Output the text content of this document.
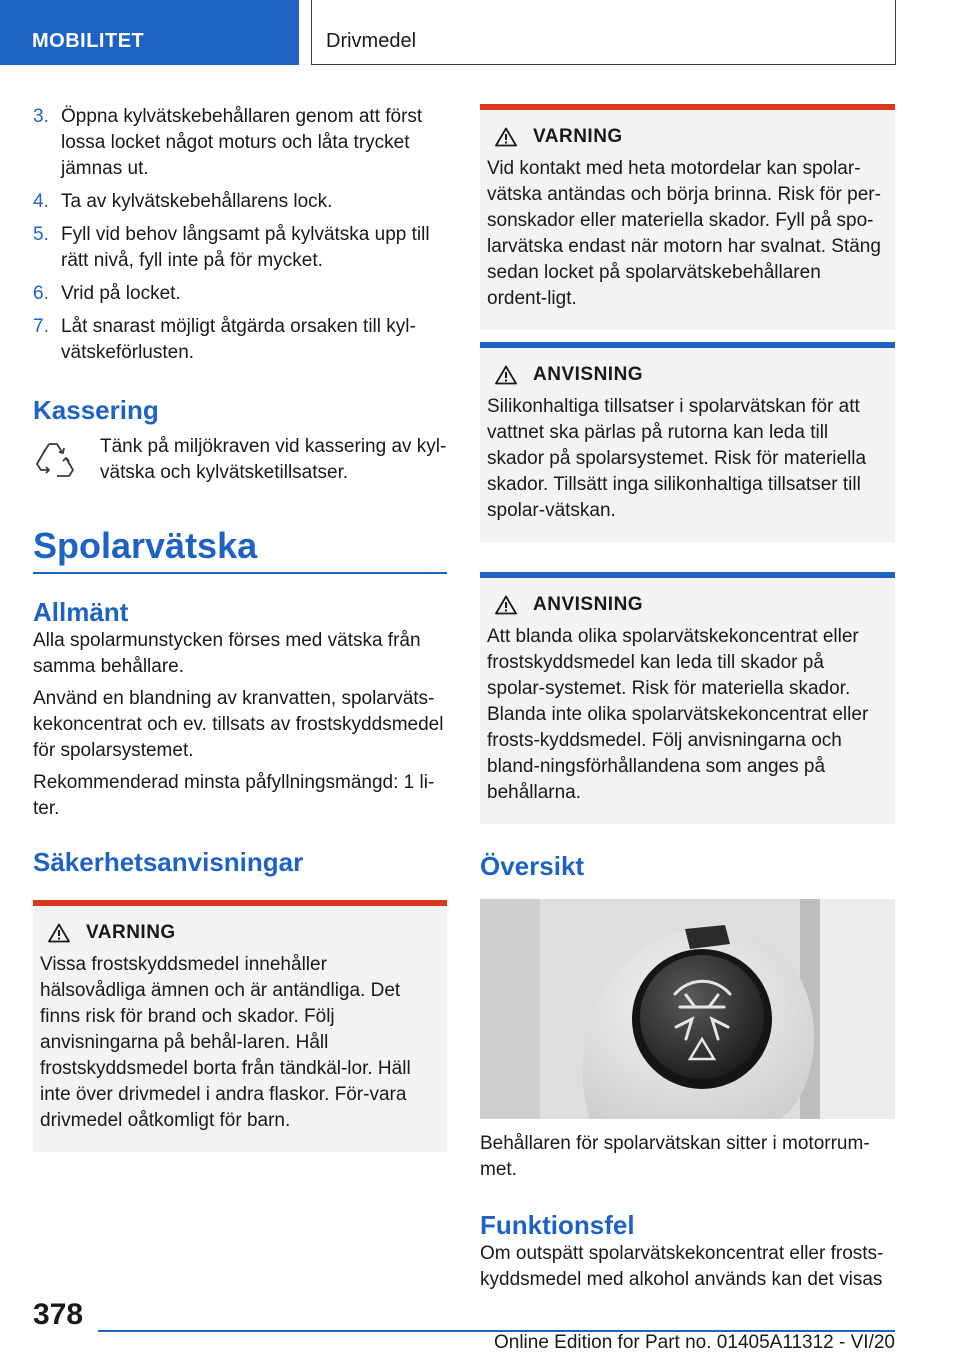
MOBILITET	Drivmedel
3. Öppna kylvätskebehållaren genom att först lossa locket något moturs och låta trycket jämnas ut.
4. Ta av kylvätskebehållarens lock.
5. Fyll vid behov långsamt på kylvätska upp till rätt nivå, fyll inte på för mycket.
6. Vrid på locket.
7. Låt snarast möjligt åtgärda orsaken till kyl-vätskeförlusten.
Kassering

Tänk på miljökraven vid kassering av kyl-vätska och kylvätsketillsatser.

Spolarvätska
Allmänt

Alla spolarmunstycken förses med vätska från samma behållare.

Använd en blandning av kranvatten, spolarväts-kekoncentrat och ev. tillsats av frostskyddsmedel för spolarsystemet.

Rekommenderad minsta påfyllningsmängd: 1 li-ter.

Säkerhetsanvisningar
VARNING

Vissa frostskyddsmedel innehåller hälsovådliga ämnen och är antändliga. Det finns risk för brand och skador. Följ anvisningarna på behål-laren. Håll frostskyddsmedel borta från tändkäl-lor. Häll inte över drivmedel i andra flaskor. För-vara drivmedel oåtkomligt för barn.

VARNING

Vid kontakt med heta motordelar kan spolar-vätska antändas och börja brinna. Risk för per-sonskador eller materiella skador. Fyll på spo-larvätska endast när motorn har svalnat. Stäng sedan locket på spolarvätskebehållaren ordent-ligt.

ANVISNING

Silikonhaltiga tillsatser i spolarvätskan för att vattnet ska pärlas på rutorna kan leda till skador på spolarsystemet. Risk för materiella skador. Tillsätt inga silikonhaltiga tillsatser till spolar-vätskan.

ANVISNING

Att blanda olika spolarvätskekoncentrat eller frostskyddsmedel kan leda till skador på spolar-systemet. Risk för materiella skador. Blanda inte olika spolarvätskekoncentrat eller frosts-kyddsmedel. Följ anvisningarna och bland-ningsförhållandena som anges på behållarna.

Översikt

Behållaren för spolarvätskan sitter i motorrum-met.

Funktionsfel

Om outspätt spolarvätskekoncentrat eller frosts-kyddsmedel med alkohol används kan det visas

378
Online Edition for Part no. 01405A11312 - VI/20
